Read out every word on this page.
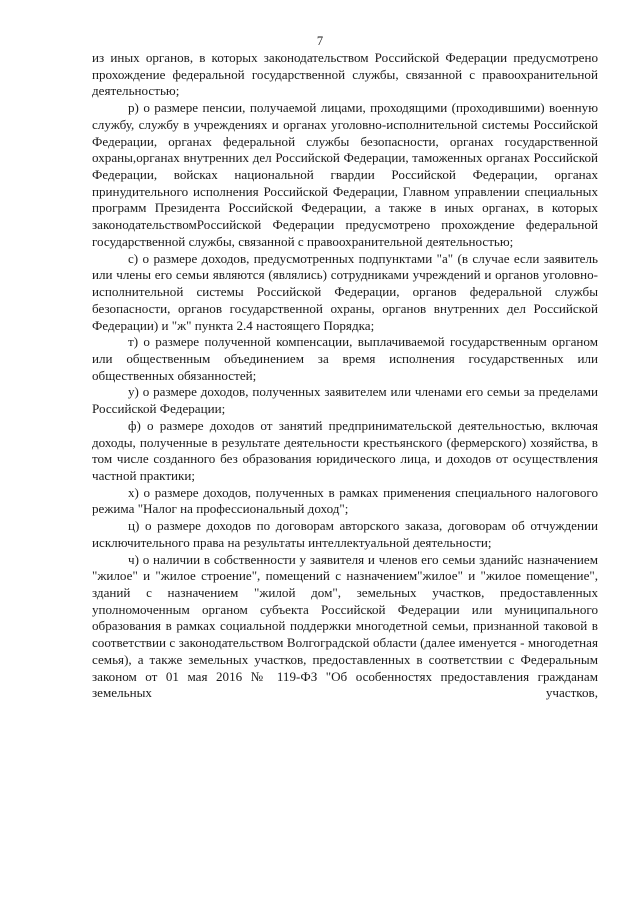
7

из иных органов, в которых законодательством Российской Федерации предусмотрено прохождение федеральной государственной службы, связанной с правоохранительной деятельностью;

р) о размере пенсии, получаемой лицами, проходящими (проходившими) военную службу, службу в учреждениях и органах уголовно-исполнительной системы Российской Федерации, органах федеральной службы безопасности, органах государственной охраны,органах внутренних дел Российской Федерации, таможенных органах Российской Федерации, войсках национальной гвардии Российской Федерации, органах принудительного исполнения Российской Федерации, Главном управлении специальных программ Президента Российской Федерации, а также в иных органах, в которых законодательствомРоссийской Федерации предусмотрено прохождение федеральной государственной службы, связанной с правоохранительной деятельностью;

с) о размере доходов, предусмотренных подпунктами "а" (в случае если заявитель или члены его семьи являются (являлись) сотрудниками учреждений и органов уголовно-исполнительной системы Российской Федерации, органов федеральной службы безопасности, органов государственной охраны, органов внутренних дел Российской Федерации) и "ж" пункта 2.4 настоящего Порядка;

т) о размере полученной компенсации, выплачиваемой государственным органом или общественным объединением за время исполнения государственных или общественных обязанностей;

у) о размере доходов, полученных заявителем или членами его семьи за пределами Российской Федерации;

ф) о размере доходов от занятий предпринимательской деятельностью, включая доходы, полученные в результате деятельности крестьянского (фермерского) хозяйства, в том числе созданного без образования юридического лица, и доходов от осуществления частной практики;

х) о размере доходов, полученных в рамках применения специального налогового режима "Налог на профессиональный доход";

ц) о размере доходов по договорам авторского заказа, договорам об отчуждении исключительного права на результаты интеллектуальной деятельности;

ч) о наличии в собственности у заявителя и членов его семьи зданийс назначением "жилое" и "жилое строение", помещений с назначением"жилое" и "жилое помещение", зданий с назначением "жилой дом", земельных участков, предоставленных уполномоченным органом субъекта Российской Федерации или муниципального образования в рамках социальной поддержки многодетной семьи, признанной таковой в соответствии с законодательством Волгоградской области (далее именуется - многодетная семья), а также земельных участков, предоставленных в соответствии с Федеральным законом от 01 мая 2016 № 119-ФЗ "Об особенностях предоставления гражданам земельных участков,
